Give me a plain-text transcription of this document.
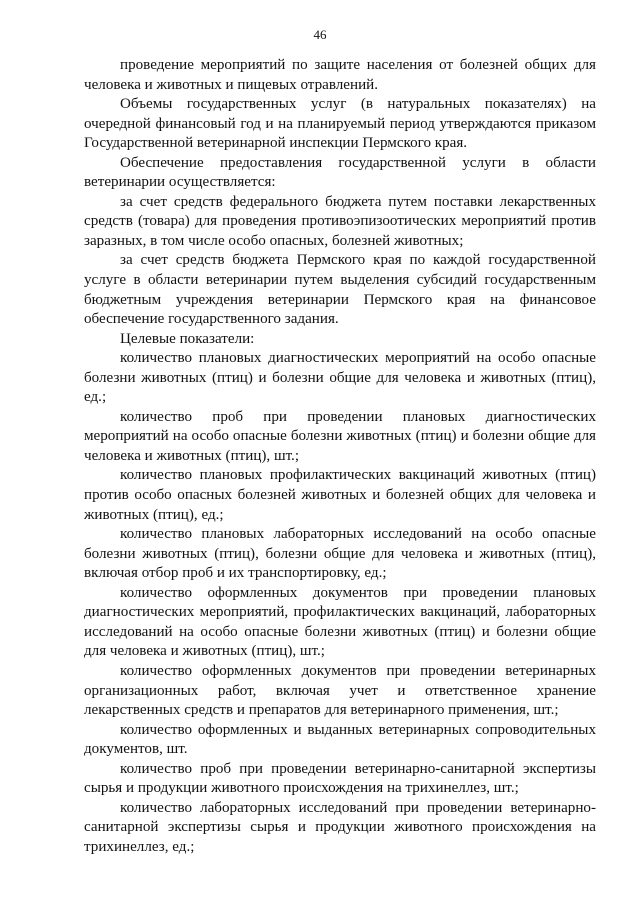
46

проведение мероприятий по защите населения от болезней общих для человека и животных и пищевых отравлений.

Объемы государственных услуг (в натуральных показателях) на очередной финансовый год и на планируемый период утверждаются приказом Государственной ветеринарной инспекции Пермского края.

Обеспечение предоставления государственной услуги в области ветеринарии осуществляется:

за счет средств федерального бюджета путем поставки лекарственных средств (товара) для проведения противоэпизоотических мероприятий против заразных, в том числе особо опасных, болезней животных;

за счет средств бюджета Пермского края по каждой государственной услуге в области ветеринарии путем выделения субсидий государственным бюджетным учреждения ветеринарии Пермского края на финансовое обеспечение государственного задания.

Целевые показатели:

количество плановых диагностических мероприятий на особо опасные болезни животных (птиц) и болезни общие для человека и животных (птиц), ед.;

количество проб при проведении плановых диагностических мероприятий на особо опасные болезни животных (птиц) и болезни общие для человека и животных (птиц), шт.;

количество плановых профилактических вакцинаций животных (птиц) против особо опасных болезней животных и болезней общих для человека и животных (птиц), ед.;

количество плановых лабораторных исследований на особо опасные болезни животных (птиц), болезни общие для человека и животных (птиц), включая отбор проб и их транспортировку, ед.;

количество оформленных документов при проведении плановых диагностических мероприятий, профилактических вакцинаций, лабораторных исследований на особо опасные болезни животных (птиц) и болезни общие для человека и животных (птиц), шт.;

количество оформленных документов при проведении ветеринарных организационных работ, включая учет и ответственное хранение лекарственных средств и препаратов для ветеринарного применения, шт.;

количество оформленных и выданных ветеринарных сопроводительных документов, шт.

количество проб при проведении ветеринарно-санитарной экспертизы сырья и продукции животного происхождения на трихинеллез, шт.;

количество лабораторных исследований при проведении ветеринарно-санитарной экспертизы сырья и продукции животного происхождения на трихинеллез, ед.;
